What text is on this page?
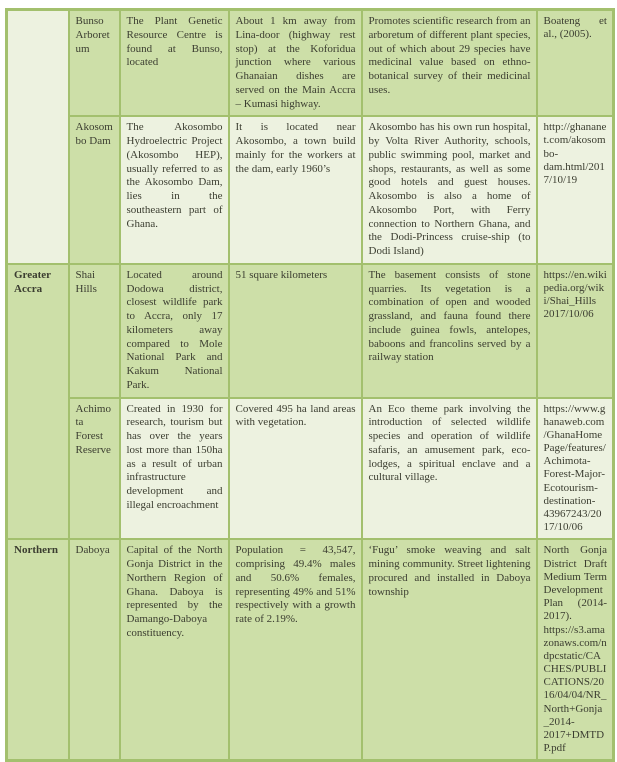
	Bunso Arboretum	The Plant Genetic Resource Centre is found at Bunso, located	About 1 km away from Lina-door (highway rest stop) at the Koforidua junction where various Ghanaian dishes are served on the Main Accra – Kumasi highway.	Promotes scientific research from an arboretum of different plant species, out of which about 29 species have medicinal value based on ethno-botanical survey of their medicinal uses.	Boateng et al., (2005).
	Akosombo Dam	The Akosombo Hydroelectric Project (Akosombo HEP), usually referred to as the Akosombo Dam, lies in the southeastern part of Ghana.	It is located near Akosombo, a town build mainly for the workers at the dam, early 1960’s	Akosombo has his own run hospital, by Volta River Authority, schools, public swimming pool, market and shops, restaurants, as well as some good hotels and guest houses. Akosombo is also a home of Akosombo Port, with Ferry connection to Northern Ghana, and the Dodi-Princess cruise-ship (to Dodi Island)	http://ghananet.com/akosombo-dam.html/2017/10/19
Greater Accra	Shai Hills	Located around Dodowa district, closest wildlife park to Accra, only 17 kilometers away compared to Mole National Park and Kakum National Park.	51 square kilometers	The basement consists of stone quarries. Its vegetation is a combination of open and wooded grassland, and fauna found there include guinea fowls, antelopes, baboons and francolins served by a railway station	https://en.wikipedia.org/wiki/Shai_Hills 2017/10/06
	Achimota Forest Reserve	Created in 1930 for research, tourism but has over the years lost more than 150ha as a result of urban infrastructure development and illegal encroachment	Covered 495 ha land areas with vegetation.	An Eco theme park involving the introduction of selected wildlife species and operation of wildlife safaris, an amusement park, eco-lodges, a spiritual enclave and a cultural village.	https://www.ghanaweb.com/GhanaHomePage/features/Achimota-Forest-Major-Ecotourism-destination-43967243/2017/10/06
Northern	Daboya	Capital of the North Gonja District in the Northern Region of Ghana. Daboya is represented by the Damango-Daboya constituency.	Population = 43,547, comprising 49.4% males and 50.6% females, representing 49% and 51% respectively with a growth rate of 2.19%.	‘Fugu’ smoke weaving and salt mining community. Street lightening procured and installed in Daboya township	North Gonja District Draft Medium Term Development Plan (2014-2017). https://s3.amazonaws.com/ndpcstatic/CACHES/PUBLICATIONS/2016/04/04/NR_North+Gonja_2014-2017+DMTDP.pdf
